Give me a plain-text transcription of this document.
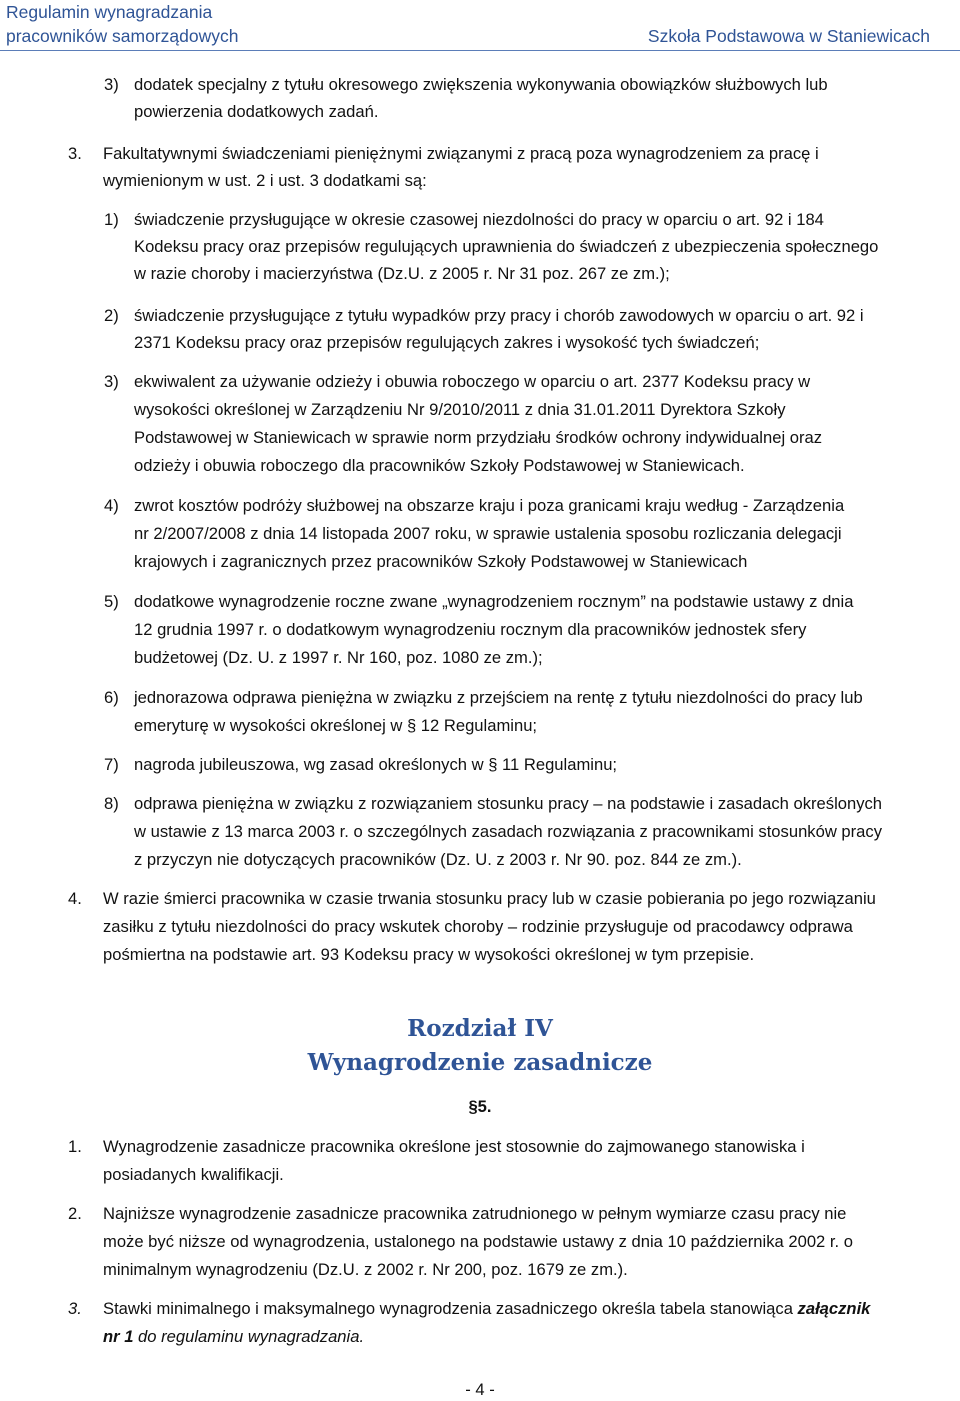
Regulamin wynagradzania
pracowników samorządowych	Szkoła Podstawowa w Staniewicach
3) dodatek specjalny z tytułu okresowego zwiększenia wykonywania obowiązków służbowych lub
powierzenia dodatkowych zadań.
3. Fakultatywnymi świadczeniami pieniężnymi związanymi z pracą poza wynagrodzeniem za pracę i
wymienionym w ust. 2 i ust. 3 dodatkami są:
1) świadczenie przysługujące w okresie czasowej niezdolności do pracy w oparciu o art. 92 i 184
Kodeksu pracy oraz przepisów regulujących uprawnienia do świadczeń z ubezpieczenia społecznego
w razie choroby i macierzyństwa (Dz.U. z 2005 r. Nr 31 poz. 267 ze zm.);
2) świadczenie przysługujące z tytułu wypadków przy pracy i chorób zawodowych w oparciu o art. 92 i
2371 Kodeksu pracy oraz przepisów regulujących zakres i wysokość tych świadczeń;
3) ekwiwalent za używanie odzieży i obuwia roboczego w oparciu o art. 2377 Kodeksu pracy w
wysokości określonej w Zarządzeniu Nr 9/2010/2011 z dnia 31.01.2011 Dyrektora Szkoły
Podstawowej w Staniewicach w sprawie norm przydziału środków ochrony indywidualnej oraz
odzieży i obuwia roboczego dla pracowników Szkoły Podstawowej w Staniewicach.
4) zwrot kosztów podróży służbowej na obszarze kraju i poza granicami kraju według - Zarządzenia
nr 2/2007/2008 z dnia 14 listopada 2007 roku, w sprawie ustalenia sposobu rozliczania delegacji
krajowych i zagranicznych przez pracowników Szkoły Podstawowej w Staniewicach
5) dodatkowe wynagrodzenie roczne zwane „wynagrodzeniem rocznym” na podstawie ustawy z dnia
12 grudnia 1997 r. o dodatkowym wynagrodzeniu rocznym dla pracowników jednostek sfery
budżetowej (Dz. U. z 1997 r. Nr 160, poz. 1080 ze zm.);
6) jednorazowa odprawa pieniężna w związku z przejściem na rentę z tytułu niezdolności do pracy lub
emeryturę w wysokości określonej w § 12 Regulaminu;
7) nagroda jubileuszowa, wg zasad określonych w § 11 Regulaminu;
8) odprawa pieniężna w związku z rozwiązaniem stosunku pracy – na podstawie i zasadach określonych
w ustawie z 13 marca 2003 r. o szczególnych zasadach rozwiązania z pracownikami stosunków pracy
z przyczyn nie dotyczących pracowników (Dz. U. z 2003 r. Nr 90. poz. 844 ze zm.).
4. W razie śmierci pracownika w czasie trwania stosunku pracy lub w czasie pobierania po jego rozwiązaniu
zasiłku z tytułu niezdolności do pracy wskutek choroby – rodzinie przysługuje od pracodawcy odprawa
pośmiertna na podstawie art. 93 Kodeksu pracy w wysokości określonej w tym przepisie.
Rozdział IV
Wynagrodzenie zasadnicze
§5.
1. Wynagrodzenie zasadnicze pracownika określone jest stosownie do zajmowanego stanowiska i
posiadanych kwalifikacji.
2. Najniższe wynagrodzenie zasadnicze pracownika zatrudnionego w pełnym wymiarze czasu pracy nie
może być niższe od wynagrodzenia, ustalonego na podstawie ustawy z dnia 10 października 2002 r. o
minimalnym wynagrodzeniu (Dz.U. z 2002 r. Nr 200, poz. 1679 ze zm.).
3. Stawki minimalnego i maksymalnego wynagrodzenia zasadniczego określa tabela stanowiąca załącznik
nr 1 do regulaminu wynagradzania.
- 4 -
